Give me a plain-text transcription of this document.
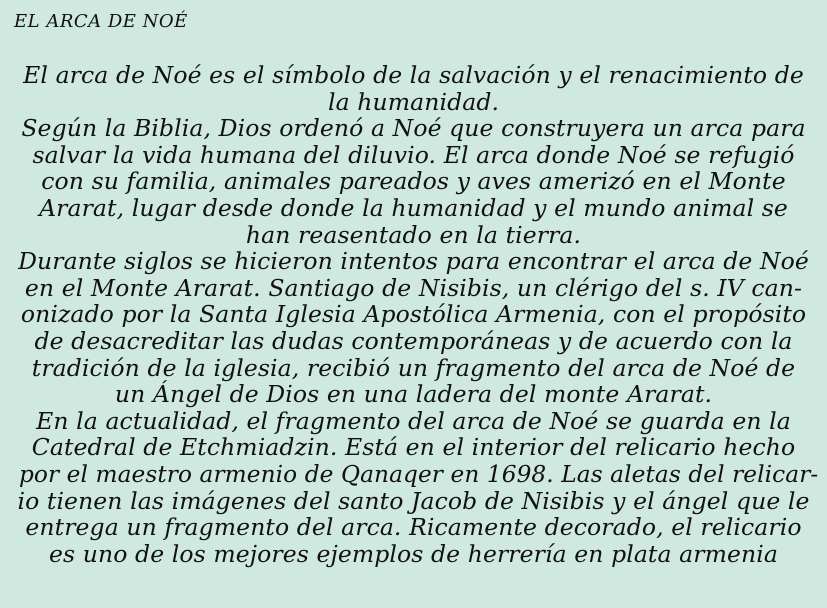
EL ARCA DE NOÉ
El arca de Noé es el símbolo de la salvación y el renacimiento de
la humanidad.
Según la Biblia, Dios ordenó a Noé que construyera un arca para
salvar la vida humana del diluvio. El arca donde Noé se refugió
con su familia, animales pareados y aves amerizó en el Monte
Ararat, lugar desde donde la humanidad y el mundo animal se
han reasentado en la tierra.
Durante siglos se hicieron intentos para encontrar el arca de Noé
en el Monte Ararat. Santiago de Nisibis, un clérigo del s. IV can-
onizado por la Santa Iglesia Apostólica Armenia, con el propósito
de desacreditar las dudas contemporáneas y de acuerdo con la
tradición de la iglesia, recibió un fragmento del arca de Noé de
un Ángel de Dios en una ladera del monte Ararat.
En la actualidad, el fragmento del arca de Noé se guarda en la
Catedral de Etchmiadzin. Está en el interior del relicario hecho
por el maestro armenio de Qanaqer en 1698. Las aletas del relicar-
io tienen las imágenes del santo Jacob de Nisibis y el ángel que le
entrega un fragmento del arca. Ricamente decorado, el relicario
es uno de los mejores ejemplos de herrería en plata armenia
